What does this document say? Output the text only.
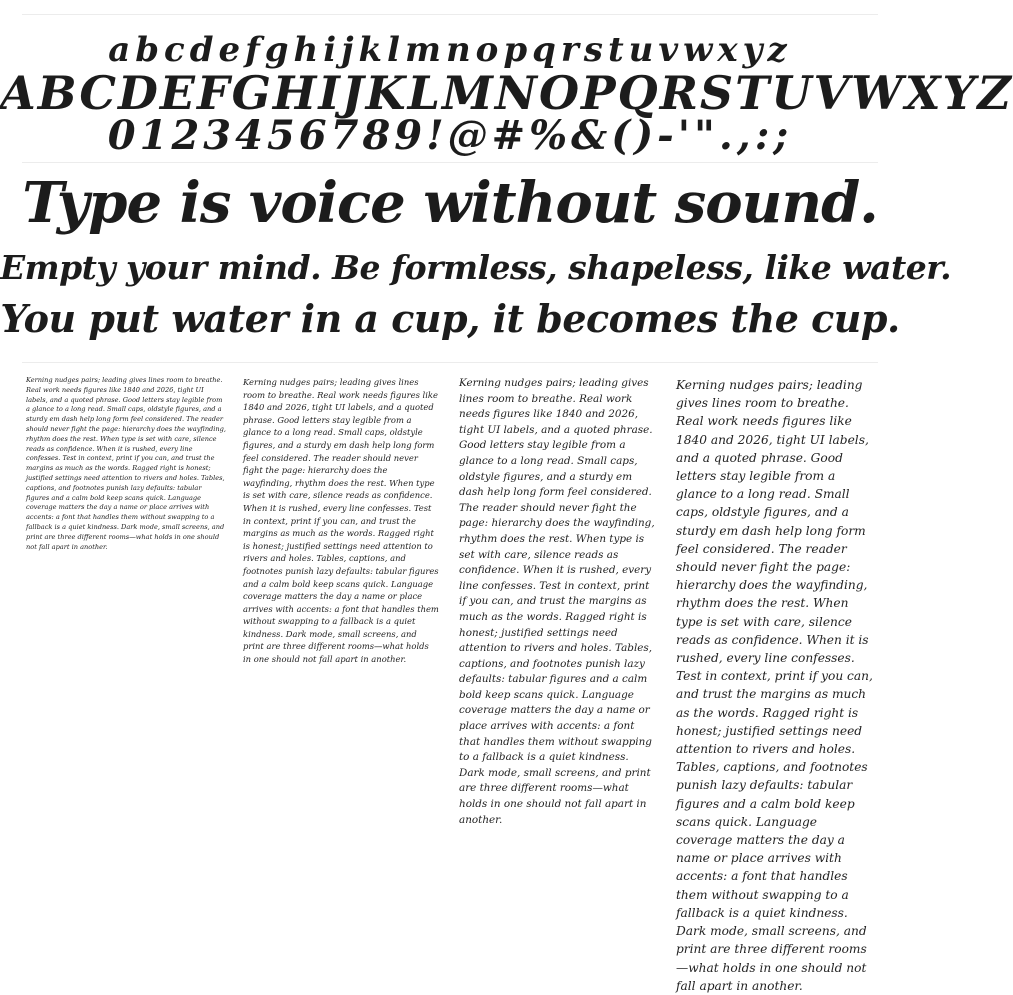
abcdefghijklmnopqrstuvwxyz
ABCDEFGHIJKLMNOPQRSTUVWXYZ
0123456789!@#%&()-'".,:;
Type is voice without sound.
Empty your mind. Be formless, shapeless, like water.
You put water in a cup, it becomes the cup.

Kerning nudges pairs; leading gives lines room to breathe. Real work needs figures like 1840 and 2026, tight UI labels, and a quoted phrase. Good letters stay legible from a glance to a long read. Small caps, oldstyle figures, and a sturdy em dash help long form feel considered. The reader should never fight the page: hierarchy does the wayfinding, rhythm does the rest. When type is set with care, silence reads as confidence. When it is rushed, every line confesses. Test in context, print if you can, and trust the margins as much as the words. Ragged right is honest; justified settings need attention to rivers and holes. Tables, captions, and footnotes punish lazy defaults: tabular figures and a calm bold keep scans quick. Language coverage matters the day a name or place arrives with accents: a font that handles them without swapping to a fallback is a quiet kindness. Dark mode, small screens, and print are three different rooms—what holds in one should not fall apart in another.

Kerning nudges pairs; leading gives lines room to breathe. Real work needs figures like 1840 and 2026, tight UI labels, and a quoted phrase. Good letters stay legible from a glance to a long read. Small caps, oldstyle figures, and a sturdy em dash help long form feel considered. The reader should never fight the page: hierarchy does the wayfinding, rhythm does the rest. When type is set with care, silence reads as confidence. When it is rushed, every line confesses. Test in context, print if you can, and trust the margins as much as the words. Ragged right is honest; justified settings need attention to rivers and holes. Tables, captions, and footnotes punish lazy defaults: tabular figures and a calm bold keep scans quick. Language coverage matters the day a name or place arrives with accents: a font that handles them without swapping to a fallback is a quiet kindness. Dark mode, small screens, and print are three different rooms—what holds in one should not fall apart in another.

Kerning nudges pairs; leading gives lines room to breathe. Real work needs figures like 1840 and 2026, tight UI labels, and a quoted phrase. Good letters stay legible from a glance to a long read. Small caps, oldstyle figures, and a sturdy em dash help long form feel considered. The reader should never fight the page: hierarchy does the wayfinding, rhythm does the rest. When type is set with care, silence reads as confidence. When it is rushed, every line confesses. Test in context, print if you can, and trust the margins as much as the words. Ragged right is honest; justified settings need attention to rivers and holes. Tables, captions, and footnotes punish lazy defaults: tabular figures and a calm bold keep scans quick. Language coverage matters the day a name or place arrives with accents: a font that handles them without swapping to a fallback is a quiet kindness. Dark mode, small screens, and print are three different rooms—what holds in one should not fall apart in another.

Kerning nudges pairs; leading gives lines room to breathe. Real work needs figures like 1840 and 2026, tight UI labels, and a quoted phrase. Good letters stay legible from a glance to a long read. Small caps, oldstyle figures, and a sturdy em dash help long form feel considered. The reader should never fight the page: hierarchy does the wayfinding, rhythm does the rest. When type is set with care, silence reads as confidence. When it is rushed, every line confesses. Test in context, print if you can, and trust the margins as much as the words. Ragged right is honest; justified settings need attention to rivers and holes. Tables, captions, and footnotes punish lazy defaults: tabular figures and a calm bold keep scans quick. Language coverage matters the day a name or place arrives with accents: a font that handles them without swapping to a fallback is a quiet kindness. Dark mode, small screens, and print are three different rooms—what holds in one should not fall apart in another.
